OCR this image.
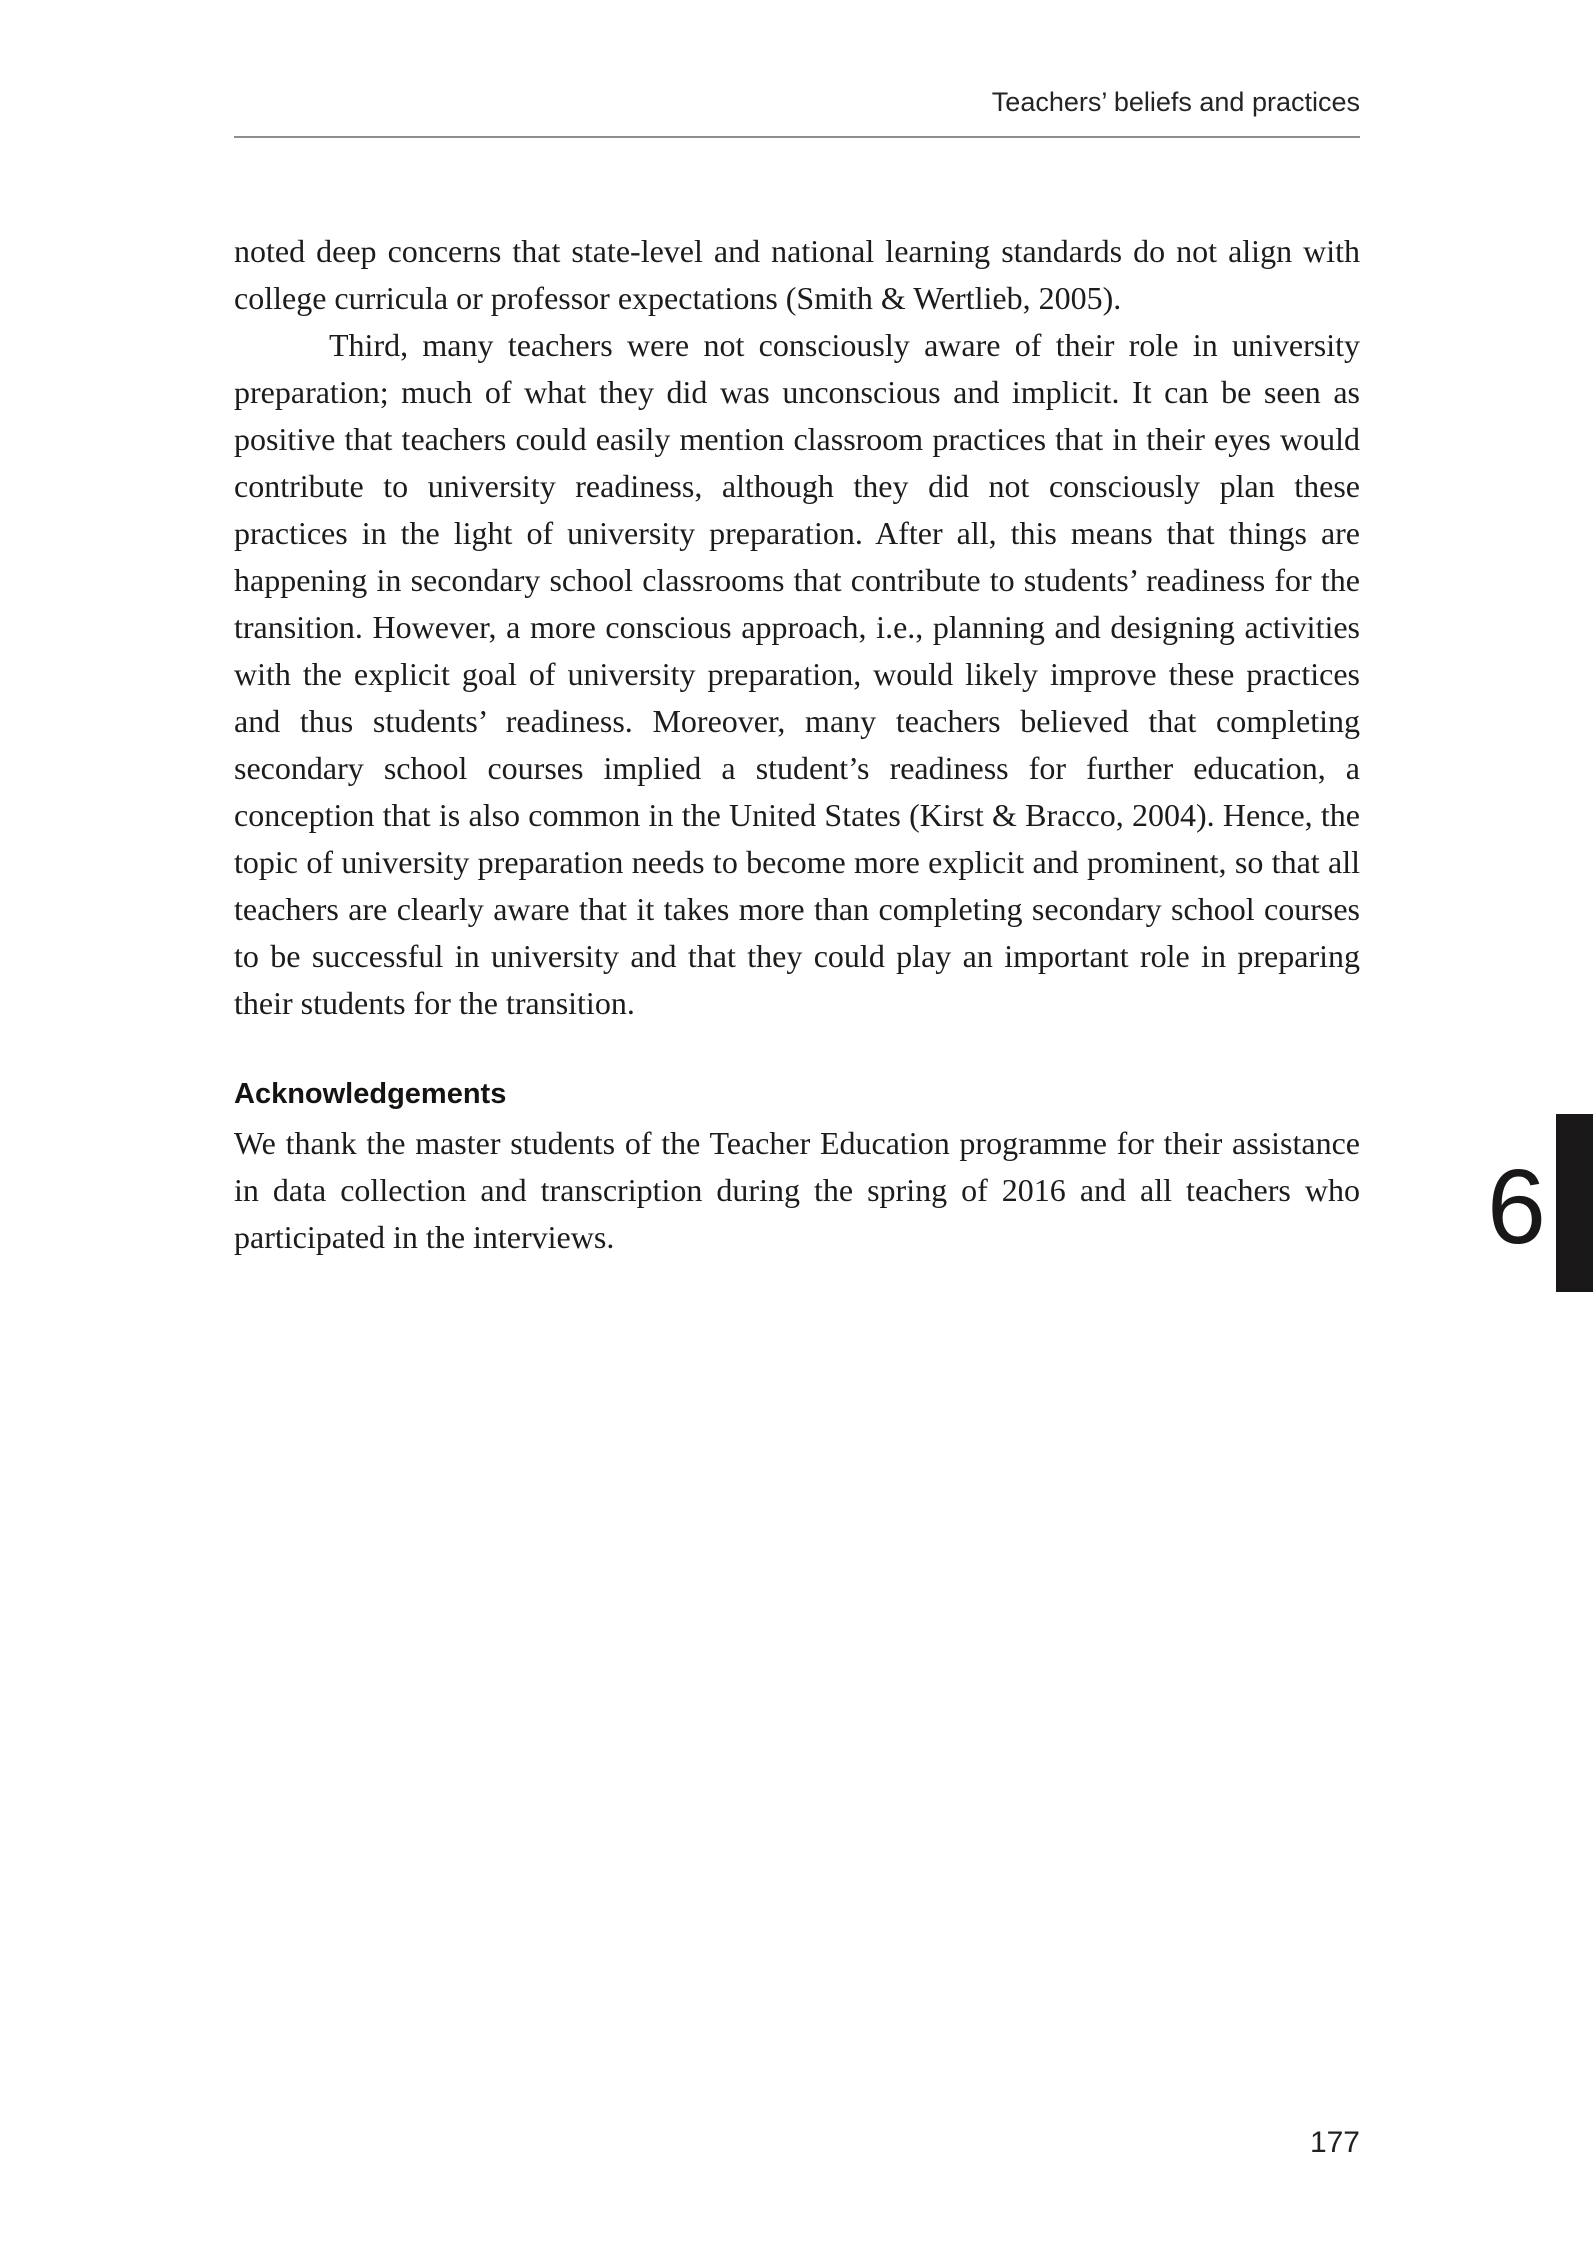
Teachers’ beliefs and practices

noted deep concerns that state-level and national learning standards do not align with college curricula or professor expectations (Smith & Wertlieb, 2005).

Third, many teachers were not consciously aware of their role in university preparation; much of what they did was unconscious and implicit. It can be seen as positive that teachers could easily mention classroom practices that in their eyes would contribute to university readiness, although they did not consciously plan these practices in the light of university preparation. After all, this means that things are happening in secondary school classrooms that contribute to students’ readiness for the transition. However, a more conscious approach, i.e., planning and designing activities with the explicit goal of university preparation, would likely improve these practices and thus students’ readiness. Moreover, many teachers believed that completing secondary school courses implied a student’s readiness for further education, a conception that is also common in the United States (Kirst & Bracco, 2004). Hence, the topic of university preparation needs to become more explicit and prominent, so that all teachers are clearly aware that it takes more than completing secondary school courses to be successful in university and that they could play an important role in preparing their students for the transition.

Acknowledgements

We thank the master students of the Teacher Education programme for their assistance in data collection and transcription during the spring of 2016 and all teachers who participated in the interviews.	6
177
